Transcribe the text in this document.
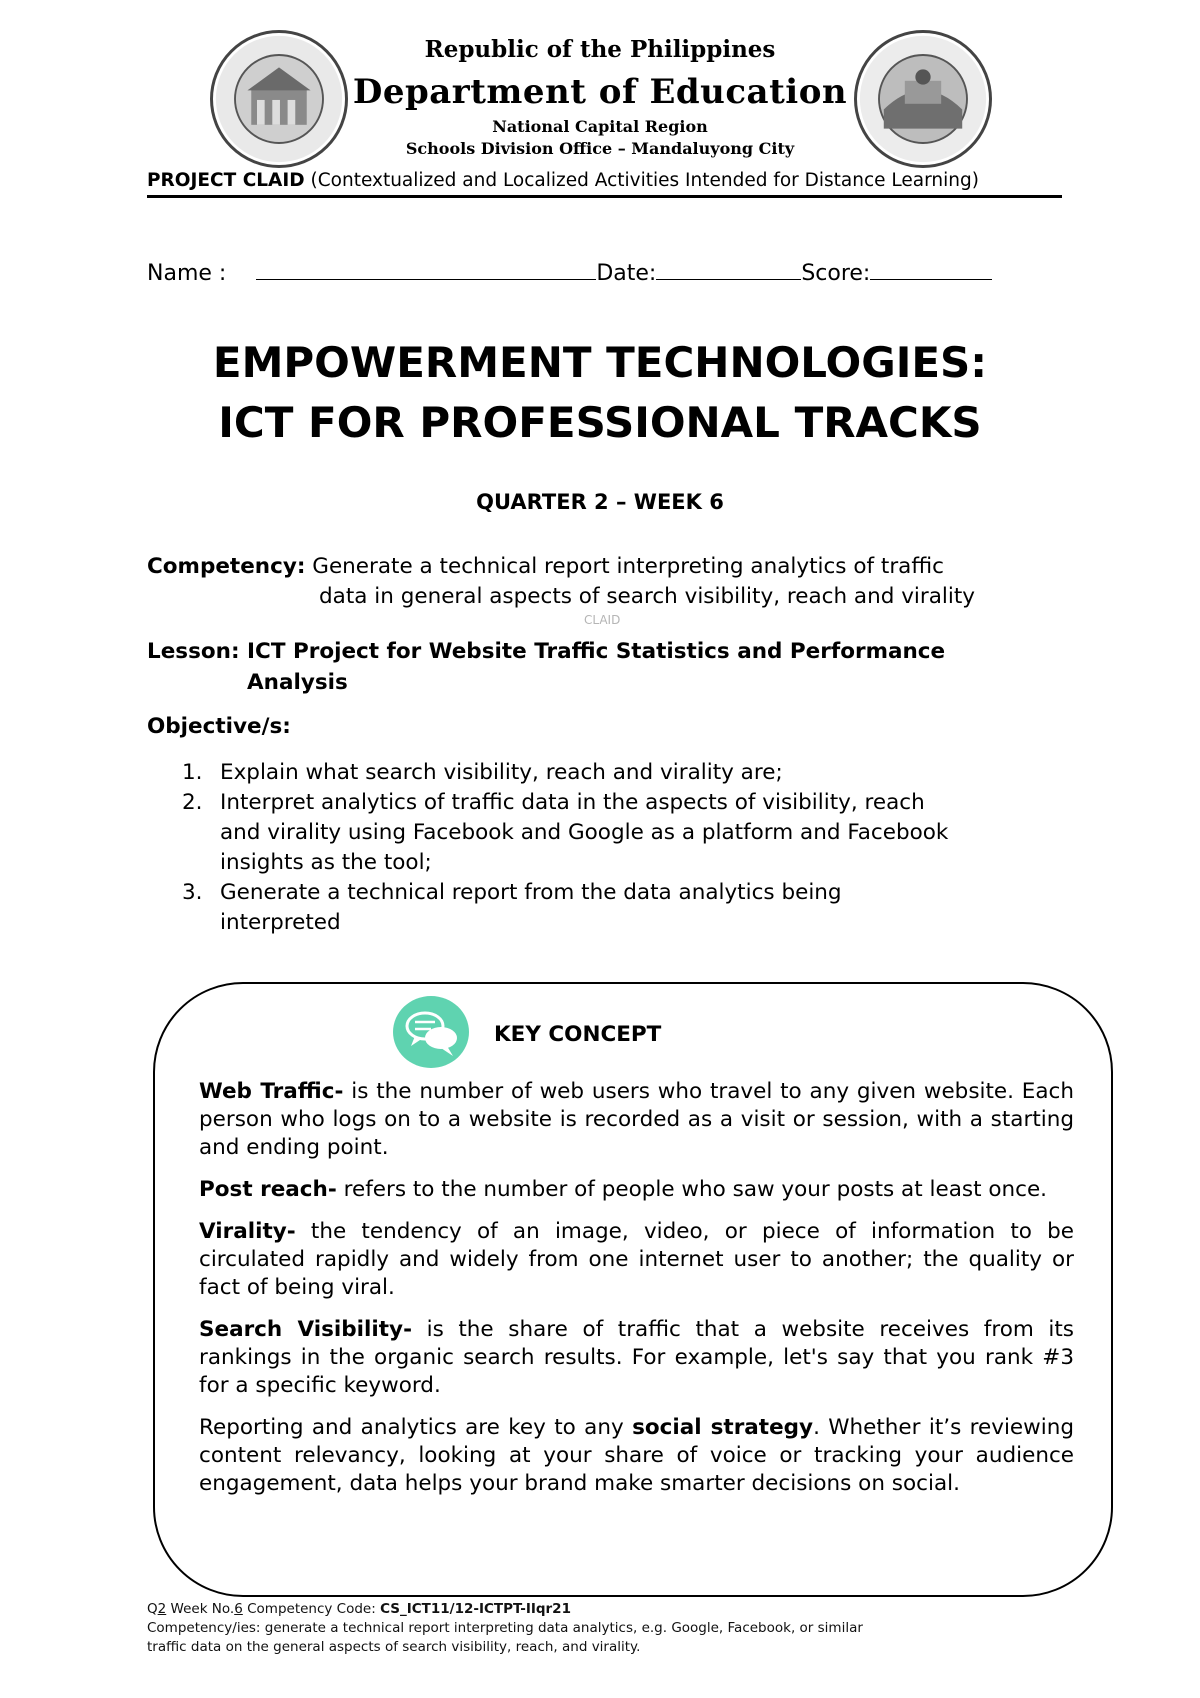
Republic of the Philippines
Department of Education
National Capital Region
Schools Division Office – Mandaluyong City
PROJECT CLAID (Contextualized and Localized Activities Intended for Distance Learning)
Name :	Date:	Score:
EMPOWERMENT TECHNOLOGIES:
ICT FOR PROFESSIONAL TRACKS
QUARTER 2 – WEEK 6
Competency: Generate a technical report interpreting analytics of traffic
data in general aspects of search visibility, reach and virality
CLAID
Lesson: ICT Project for Website Traffic Statistics and Performance
Analysis
Objective/s:
1. Explain what search visibility, reach and virality are;
2. Interpret analytics of traffic data in the aspects of visibility, reach
and virality using Facebook and Google as a platform and Facebook
insights as the tool;
3. Generate a technical report from the data analytics being
interpreted
KEY CONCEPT

Web Traffic- is the number of web users who travel to any given website. Each person who logs on to a website is recorded as a visit or session, with a starting and ending point.

Post reach- refers to the number of people who saw your posts at least once.

Virality- the tendency of an image, video, or piece of information to be circulated rapidly and widely from one internet user to another; the quality or fact of being viral.

Search Visibility- is the share of traffic that a website receives from its rankings in the organic search results. For example, let's say that you rank #3 for a specific keyword.

Reporting and analytics are key to any social strategy. Whether it’s reviewing content relevancy, looking at your share of voice or tracking your audience engagement, data helps your brand make smarter decisions on social.

Q2 Week No.6 Competency Code: CS_ICT11/12-ICTPT-IIqr21
Competency/ies: generate a technical report interpreting data analytics, e.g. Google, Facebook, or similar
traffic data on the general aspects of search visibility, reach, and virality.
